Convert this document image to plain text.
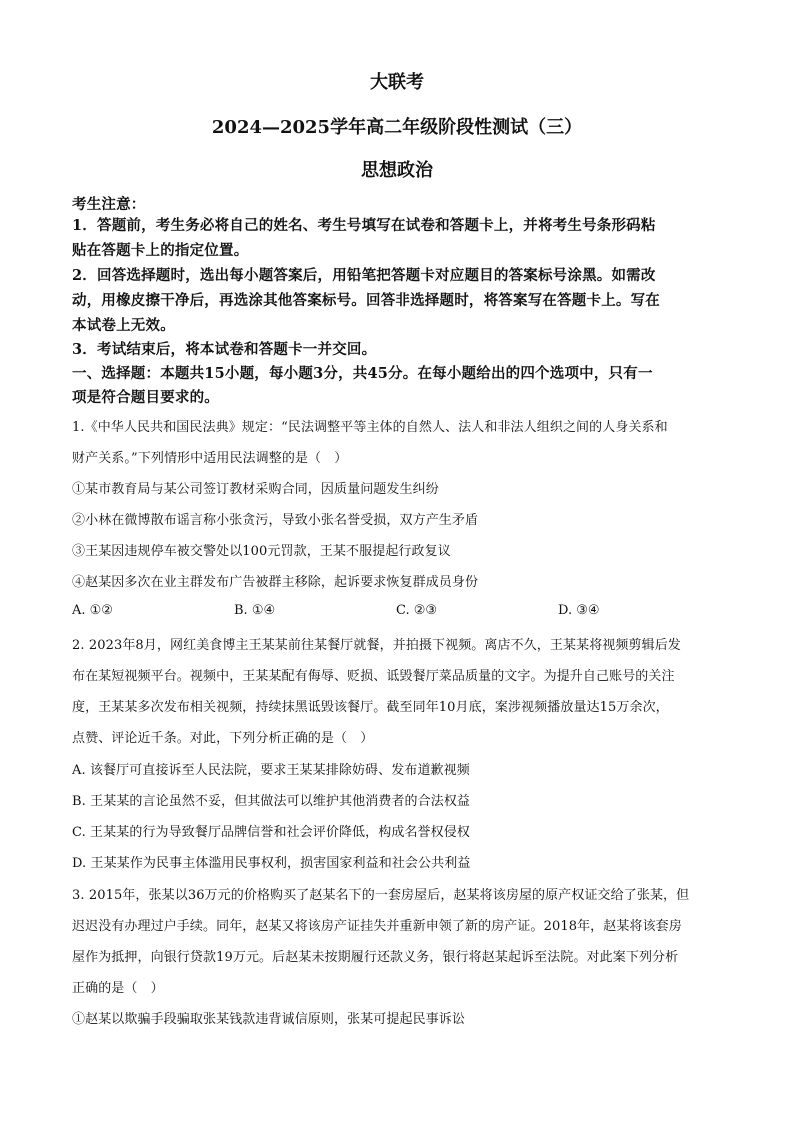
大联考
2024—2025学年高二年级阶段性测试（三）
思想政治
考生注意：
1．答题前，考生务必将自己的姓名、考生号填写在试卷和答题卡上，并将考生号条形码粘
贴在答题卡上的指定位置。
2．回答选择题时，选出每小题答案后，用铅笔把答题卡对应题目的答案标号涂黑。如需改
动，用橡皮擦干净后，再选涂其他答案标号。回答非选择题时，将答案写在答题卡上。写在
本试卷上无效。
3．考试结束后，将本试卷和答题卡一并交回。
一、选择题：本题共15小题，每小题3分，共45分。在每小题给出的四个选项中，只有一
项是符合题目要求的。
1.《中华人民共和国民法典》规定：“民法调整平等主体的自然人、法人和非法人组织之间的人身关系和
财产关系。”下列情形中适用民法调整的是（　）
①某市教育局与某公司签订教材采购合同，因质量问题发生纠纷
②小林在微博散布谣言称小张贪污，导致小张名誉受损，双方产生矛盾
③王某因违规停车被交警处以100元罚款，王某不服提起行政复议
④赵某因多次在业主群发布广告被群主移除，起诉要求恢复群成员身份
A. ①②	B. ①④	C. ②③	D. ③④
2. 2023年8月，网红美食博主王某某前往某餐厅就餐，并拍摄下视频。离店不久，王某某将视频剪辑后发
布在某短视频平台。视频中，王某某配有侮辱、贬损、诋毁餐厅菜品质量的文字。为提升自己账号的关注
度，王某某多次发布相关视频，持续抹黑诋毁该餐厅。截至同年10月底，案涉视频播放量达15万余次，
点赞、评论近千条。对此，下列分析正确的是（　）
A. 该餐厅可直接诉至人民法院，要求王某某排除妨碍、发布道歉视频
B. 王某某的言论虽然不妥，但其做法可以维护其他消费者的合法权益
C. 王某某的行为导致餐厅品牌信誉和社会评价降低，构成名誉权侵权
D. 王某某作为民事主体滥用民事权利，损害国家利益和社会公共利益
3. 2015年，张某以36万元的价格购买了赵某名下的一套房屋后，赵某将该房屋的原产权证交给了张某，但
迟迟没有办理过户手续。同年，赵某又将该房产证挂失并重新申领了新的房产证。2018年，赵某将该套房
屋作为抵押，向银行贷款19万元。后赵某未按期履行还款义务，银行将赵某起诉至法院。对此案下列分析
正确的是（　）
①赵某以欺骗手段骗取张某钱款违背诚信原则，张某可提起民事诉讼
